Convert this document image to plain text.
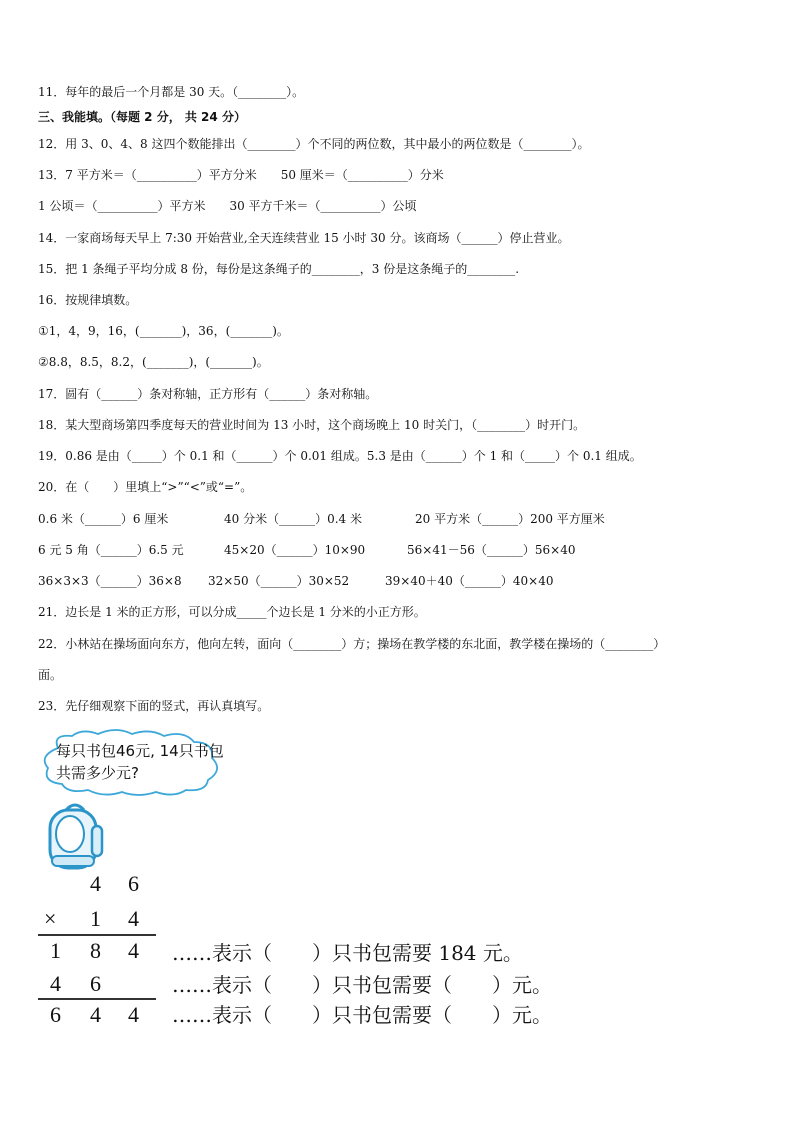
11．每年的最后一个月都是 30 天。（________）。
三、我能填。（每题 2 分， 共 24 分）
12．用 3、0、4、8 这四个数能排出（________）个不同的两位数，其中最小的两位数是（________）。
13．7 平方米＝（__________）平方分米　　50 厘米＝（__________）分米
1 公顷＝（__________）平方米　　30 平方千米＝（__________）公顷
14．一家商场每天早上 7:30 开始营业,全天连续营业 15 小时 30 分。该商场（______）停止营业。
15．把 1 条绳子平均分成 8 份，每份是这条绳子的________，3 份是这条绳子的________.
16．按规律填数。
①1，4，9，16，(_______)，36，(_______)。
②8.8，8.5，8.2，(_______)，(_______)。
17．圆有（______）条对称轴，正方形有（______）条对称轴。
18．某大型商场第四季度每天的营业时间为 13 小时，这个商场晚上 10 时关门，（________）时开门。
19．0.86 是由（_____）个 0.1 和（______）个 0.01 组成。5.3 是由（______）个 1 和（_____）个 0.1 组成。
20．在（　　）里填上“>”“<”或“=”。
0.6 米（______）6 厘米	40 分米（______）0.4 米	20 平方米（______）200 平方厘米
6 元 5 角（______）6.5 元	45×20（______）10×90	56×41－56（______）56×40
36×3×3（______）36×8 32×50（______）30×52	39×40＋40（______）40×40
21．边长是 1 米的正方形，可以分成_____个边长是 1 分米的小正方形。
22．小林站在操场面向东方，他向左转，面向（________）方；操场在教学楼的东北面，教学楼在操场的（________）
面。
23．先仔细观察下面的竖式，再认真填写。
每只书包46元, 14只书包共需多少元?
4 6
× 1 4
1 8 4 ……表示（　　）只书包需要 184 元。
4 6	……表示（　　）只书包需要（　　）元。
6 4 4 ……表示（　　）只书包需要（　　）元。
